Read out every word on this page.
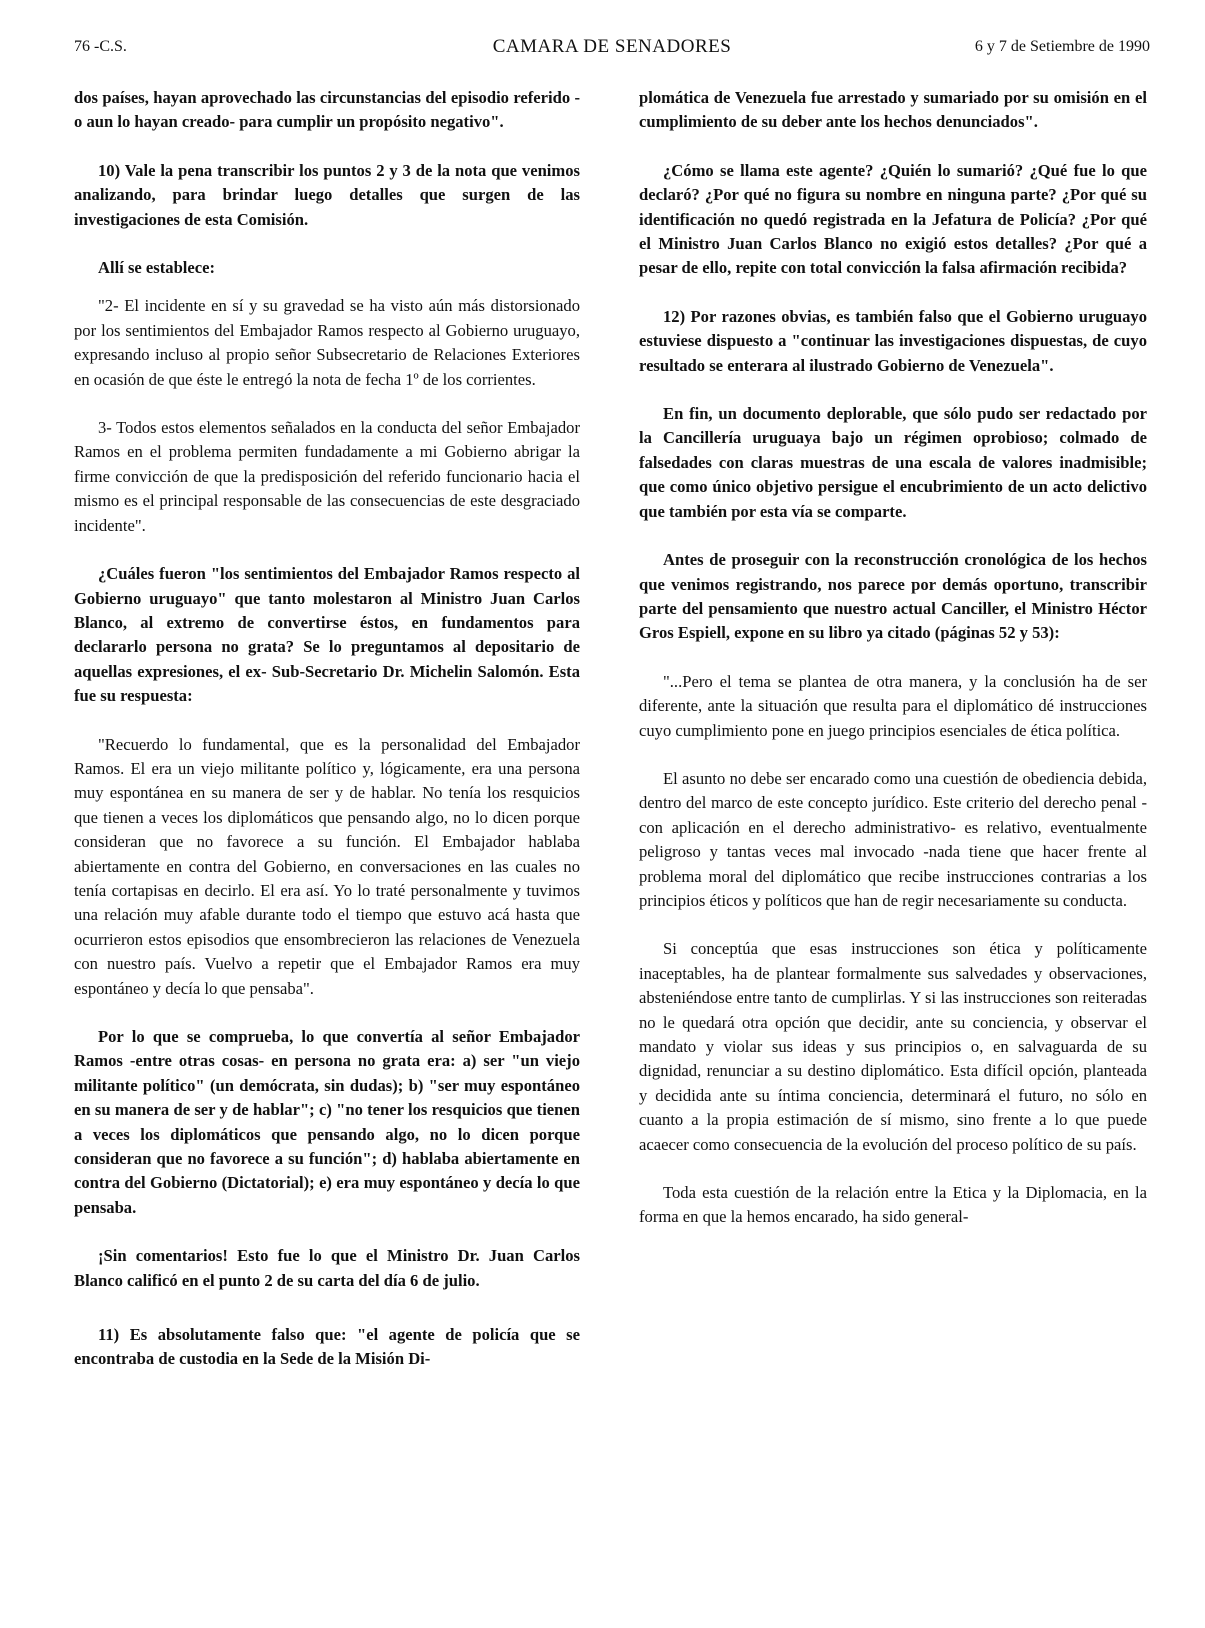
76 -C.S.	CAMARA DE SENADORES	6 y 7 de Setiembre de 1990

dos países, hayan aprovechado las circunstancias del episodio referido -o aun lo hayan creado- para cumplir un propósito negativo".

10) Vale la pena transcribir los puntos 2 y 3 de la nota que venimos analizando, para brindar luego detalles que surgen de las investigaciones de esta Comisión.

Allí se establece:

"2- El incidente en sí y su gravedad se ha visto aún más distorsionado por los sentimientos del Embajador Ramos respecto al Gobierno uruguayo, expresando incluso al propio señor Subsecretario de Relaciones Exteriores en ocasión de que éste le entregó la nota de fecha 1º de los corrientes.

3- Todos estos elementos señalados en la conducta del señor Embajador Ramos en el problema permiten fundadamente a mi Gobierno abrigar la firme convicción de que la predisposición del referido funcionario hacia el mismo es el principal responsable de las consecuencias de este desgraciado incidente".

¿Cuáles fueron "los sentimientos del Embajador Ramos respecto al Gobierno uruguayo" que tanto molestaron al Ministro Juan Carlos Blanco, al extremo de convertirse éstos, en fundamentos para declararlo persona no grata? Se lo preguntamos al depositario de aquellas expresiones, el ex- Sub-Secretario Dr. Michelin Salomón. Esta fue su respuesta:

"Recuerdo lo fundamental, que es la personalidad del Embajador Ramos. El era un viejo militante político y, lógicamente, era una persona muy espontánea en su manera de ser y de hablar. No tenía los resquicios que tienen a veces los diplomáticos que pensando algo, no lo dicen porque consideran que no favorece a su función. El Embajador hablaba abiertamente en contra del Gobierno, en conversaciones en las cuales no tenía cortapisas en decirlo. El era así. Yo lo traté personalmente y tuvimos una relación muy afable durante todo el tiempo que estuvo acá hasta que ocurrieron estos episodios que ensombrecieron las relaciones de Venezuela con nuestro país. Vuelvo a repetir que el Embajador Ramos era muy espontáneo y decía lo que pensaba".

Por lo que se comprueba, lo que convertía al señor Embajador Ramos -entre otras cosas- en persona no grata era: a) ser "un viejo militante político" (un demócrata, sin dudas); b) "ser muy espontáneo en su manera de ser y de hablar"; c) "no tener los resquicios que tienen a veces los diplomáticos que pensando algo, no lo dicen porque consideran que no favorece a su función"; d) hablaba abiertamente en contra del Gobierno (Dictatorial); e) era muy espontáneo y decía lo que pensaba.

¡Sin comentarios! Esto fue lo que el Ministro Dr. Juan Carlos Blanco calificó en el punto 2 de su carta del día 6 de julio.

11) Es absolutamente falso que: "el agente de policía que se encontraba de custodia en la Sede de la Misión Di-

plomática de Venezuela fue arrestado y sumariado por su omisión en el cumplimiento de su deber ante los hechos denunciados".

¿Cómo se llama este agente? ¿Quién lo sumarió? ¿Qué fue lo que declaró? ¿Por qué no figura su nombre en ninguna parte? ¿Por qué su identificación no quedó registrada en la Jefatura de Policía? ¿Por qué el Ministro Juan Carlos Blanco no exigió estos detalles? ¿Por qué a pesar de ello, repite con total convicción la falsa afirmación recibida?

12) Por razones obvias, es también falso que el Gobierno uruguayo estuviese dispuesto a "continuar las investigaciones dispuestas, de cuyo resultado se enterara al ilustrado Gobierno de Venezuela".

En fin, un documento deplorable, que sólo pudo ser redactado por la Cancillería uruguaya bajo un régimen oprobioso; colmado de falsedades con claras muestras de una escala de valores inadmisible; que como único objetivo persigue el encubrimiento de un acto delictivo que también por esta vía se comparte.

Antes de proseguir con la reconstrucción cronológica de los hechos que venimos registrando, nos parece por demás oportuno, transcribir parte del pensamiento que nuestro actual Canciller, el Ministro Héctor Gros Espiell, expone en su libro ya citado (páginas 52 y 53):

"...Pero el tema se plantea de otra manera, y la conclusión ha de ser diferente, ante la situación que resulta para el diplomático dé instrucciones cuyo cumplimiento pone en juego principios esenciales de ética política.

El asunto no debe ser encarado como una cuestión de obediencia debida, dentro del marco de este concepto jurídico. Este criterio del derecho penal -con aplicación en el derecho administrativo- es relativo, eventualmente peligroso y tantas veces mal invocado -nada tiene que hacer frente al problema moral del diplomático que recibe instrucciones contrarias a los principios éticos y políticos que han de regir necesariamente su conducta.

Si conceptúa que esas instrucciones son ética y políticamente inaceptables, ha de plantear formalmente sus salvedades y observaciones, absteniéndose entre tanto de cumplirlas. Y si las instrucciones son reiteradas no le quedará otra opción que decidir, ante su conciencia, y observar el mandato y violar sus ideas y sus principios o, en salvaguarda de su dignidad, renunciar a su destino diplomático. Esta difícil opción, planteada y decidida ante su íntima conciencia, determinará el futuro, no sólo en cuanto a la propia estimación de sí mismo, sino frente a lo que puede acaecer como consecuencia de la evolución del proceso político de su país.

Toda esta cuestión de la relación entre la Etica y la Diplomacia, en la forma en que la hemos encarado, ha sido general-
